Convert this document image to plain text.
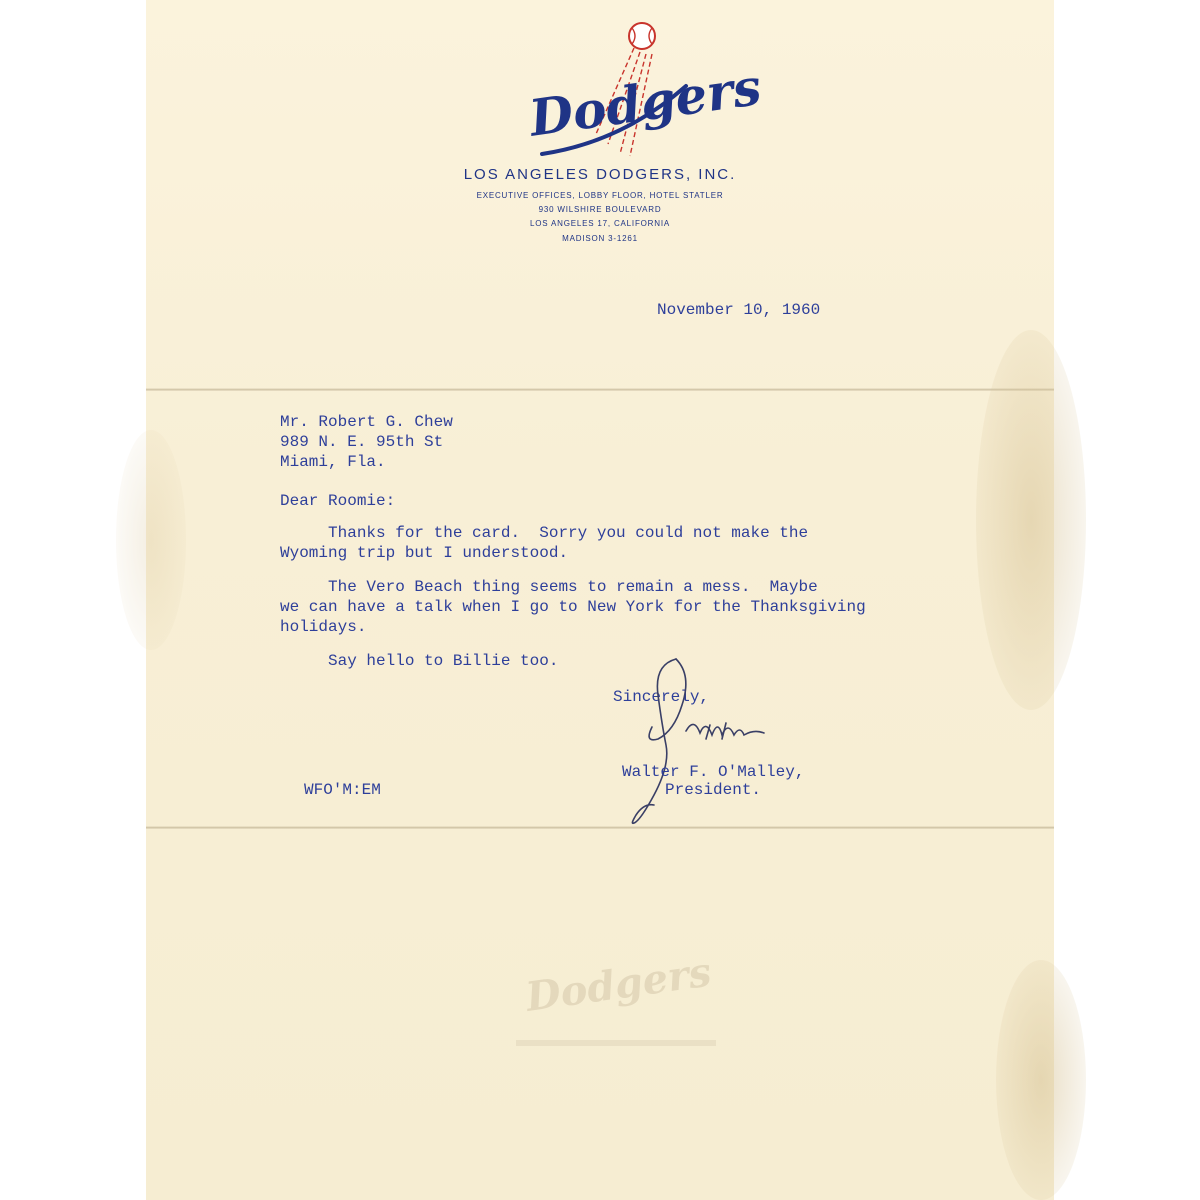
Dodgers
LOS ANGELES DODGERS, INC.
EXECUTIVE OFFICES, LOBBY FLOOR, HOTEL STATLER
930 WILSHIRE BOULEVARD
LOS ANGELES 17, CALIFORNIA
MADISON 3-1261
November 10, 1960
Mr. Robert G. Chew
989 N. E. 95th St
Miami, Fla.
Dear Roomie:
Thanks for the card.  Sorry you could not make the
Wyoming trip but I understood.
The Vero Beach thing seems to remain a mess.  Maybe
we can have a talk when I go to New York for the Thanksgiving
holidays.
Say hello to Billie too.
Sincerely,
Walter F. O'Malley,
President.
WFO'M:EM
Dodgers
